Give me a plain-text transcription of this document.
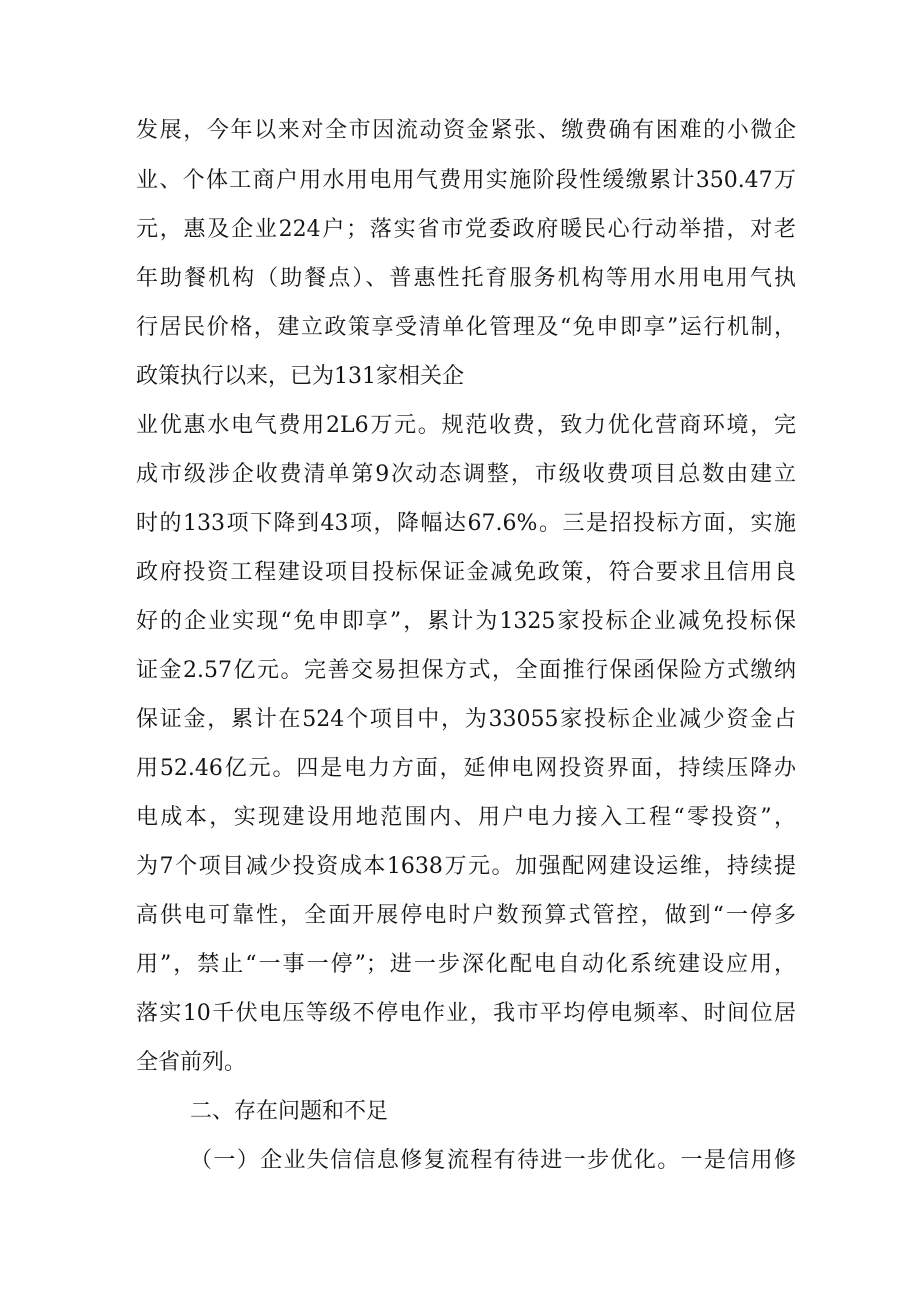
发展，今年以来对全市因流动资金紧张、缴费确有困难的小微企
业、个体工商户用水用电用气费用实施阶段性缓缴累计350.47万
元，惠及企业224户；落实省市党委政府暖民心行动举措，对老
年助餐机构（助餐点）、普惠性托育服务机构等用水用电用气执
行居民价格，建立政策享受清单化管理及“免申即享”运行机制，
政策执行以来，已为131家相关企
业优惠水电气费用2L6万元。规范收费，致力优化营商环境，完
成市级涉企收费清单第9次动态调整，市级收费项目总数由建立
时的133项下降到43项，降幅达67.6%。三是招投标方面，实施
政府投资工程建设项目投标保证金减免政策，符合要求且信用良
好的企业实现“免申即享”，累计为1325家投标企业减免投标保
证金2.57亿元。完善交易担保方式，全面推行保函保险方式缴纳
保证金，累计在524个项目中，为33055家投标企业减少资金占
用52.46亿元。四是电力方面，延伸电网投资界面，持续压降办
电成本，实现建设用地范围内、用户电力接入工程“零投资”，
为7个项目减少投资成本1638万元。加强配网建设运维，持续提
高供电可靠性，全面开展停电时户数预算式管控，做到“一停多
用”，禁止“一事一停”；进一步深化配电自动化系统建设应用，
落实10千伏电压等级不停电作业，我市平均停电频率、时间位居
全省前列。
二、存在问题和不足
（一）企业失信信息修复流程有待进一步优化。一是信用修
